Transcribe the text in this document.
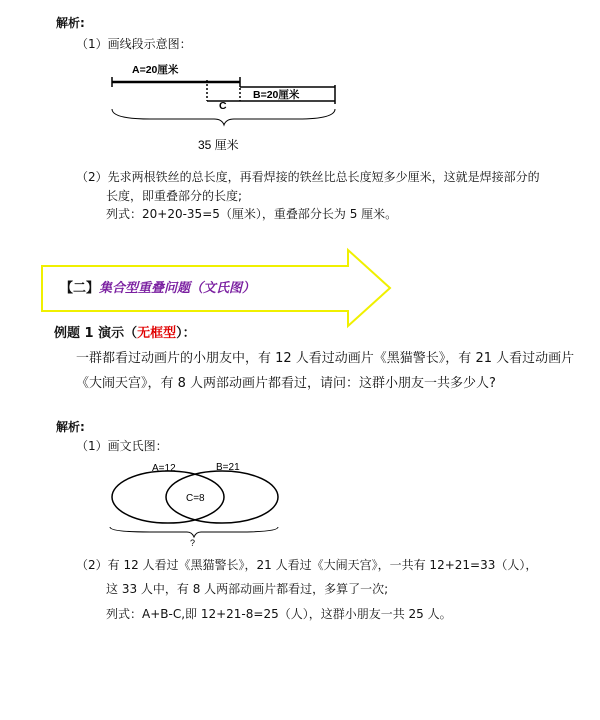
解析:
（1）画线段示意图：
A=20厘米
C
B=20厘米
35 厘米
（2）先求两根铁丝的总长度，再看焊接的铁丝比总长度短多少厘米，这就是焊接部分的
长度，即重叠部分的长度;
列式：20+20-35=5（厘米），重叠部分长为 5 厘米。
【二】集合型重叠问题（文氏图）
例题 1 演示（无框型）：
一群都看过动画片的小朋友中，有 12 人看过动画片《黑猫警长》，有 21 人看过动画片
《大闹天宫》，有 8 人两部动画片都看过，请问：这群小朋友一共多少人?
解析:
（1）画文氏图：
A=12	B=21
C=8
?
（2）有 12 人看过《黑猫警长》，21 人看过《大闹天宫》，一共有 12+21=33（人），
这 33 人中，有 8 人两部动画片都看过，多算了一次;
列式：A+B-C,即 12+21-8=25（人），这群小朋友一共 25 人。
